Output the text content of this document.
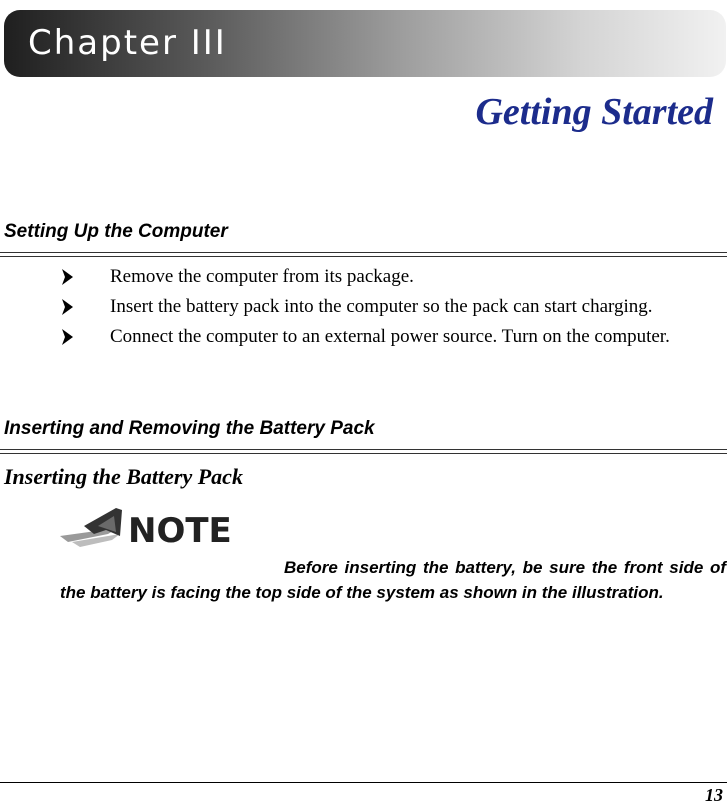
Chapter III
Getting Started
Setting Up the Computer
Remove the computer from its package.
Insert the battery pack into the computer so the pack can start charging.
Connect the computer to an external power source. Turn on the computer.
Inserting and Removing the Battery Pack
Inserting the Battery Pack
NOTE

Before inserting the battery, be sure the front side of the battery is facing the top side of the system as shown in the illustration.

13
